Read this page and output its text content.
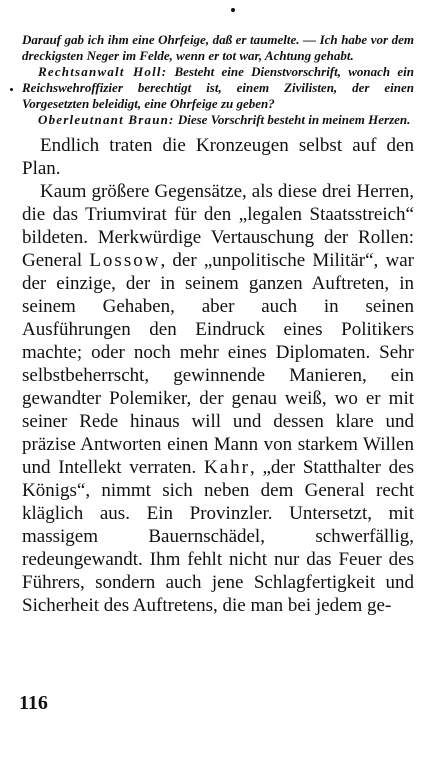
Darauf gab ich ihm eine Ohrfeige, daß er taumelte. — Ich habe vor dem dreckigsten Neger im Felde, wenn er tot war, Achtung gehabt.

Rechtsanwalt Holl: Besteht eine Dienstvorschrift, wonach ein Reichswehroffizier berechtigt ist, einem Zivilisten, der einen Vorgesetzten beleidigt, eine Ohrfeige zu geben?

Oberleutnant Braun: Diese Vorschrift besteht in meinem Herzen.

Endlich traten die Kronzeugen selbst auf den Plan.

Kaum größere Gegensätze, als diese drei Herren, die das Triumvirat für den „legalen Staatsstreich“ bildeten. Merkwürdige Vertauschung der Rollen: General Lossow, der „unpolitische Militär“, war der einzige, der in seinem ganzen Auftreten, in seinem Gehaben, aber auch in seinen Ausführungen den Eindruck eines Politikers machte; oder noch mehr eines Diplomaten. Sehr selbstbeherrscht, gewinnende Manieren, ein gewandter Polemiker, der genau weiß, wo er mit seiner Rede hinaus will und dessen klare und präzise Antworten einen Mann von starkem Willen und Intellekt verraten. Kahr, „der Statthalter des Königs“, nimmt sich neben dem General recht kläglich aus. Ein Provinzler. Untersetzt, mit massigem Bauernschädel, schwerfällig, redeungewandt. Ihm fehlt nicht nur das Feuer des Führers, sondern auch jene Schlagfertigkeit und Sicherheit des Auftretens, die man bei jedem ge-

116
